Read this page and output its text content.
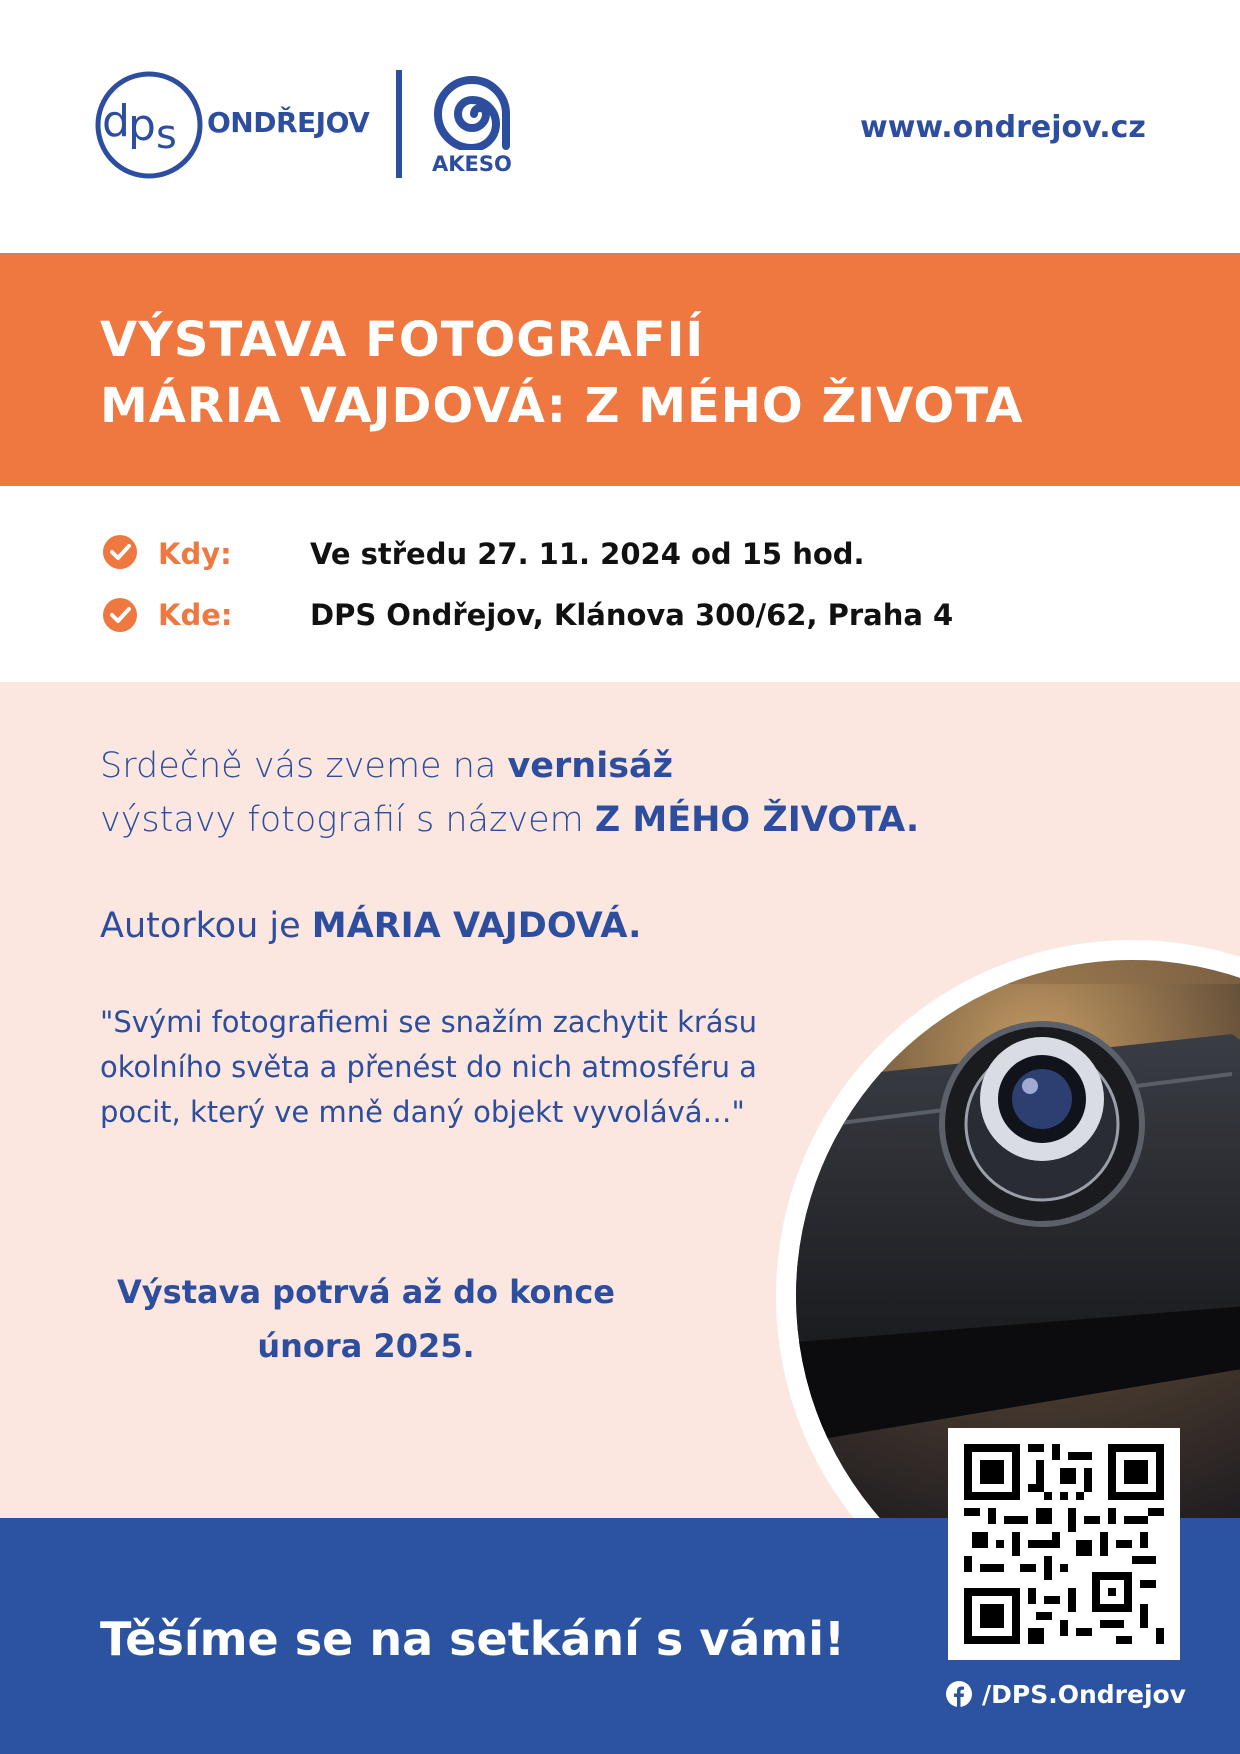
d
p s ONDŘEJOV
AKESO
www.ondrejov.cz
VÝSTAVA FOTOGRAFIÍ
MÁRIA VAJDOVÁ: Z MÉHO ŽIVOTA
Kdy:	Ve středu 27. 11. 2024 od 15 hod.
Kde:	DPS Ondřejov, Klánova 300/62, Praha 4
Srdečně vás zveme na vernisáž
výstavy fotografií s názvem Z MÉHO ŽIVOTA.
Autorkou je MÁRIA VAJDOVÁ.
"Svými fotografiemi se snažím zachytit krásu okolního světa a přenést do nich atmosféru a pocit, který ve mně daný objekt vyvolává…"
Výstava potrvá až do konce
února 2025.
Těšíme se na setkání s vámi!
/DPS.Ondrejov
